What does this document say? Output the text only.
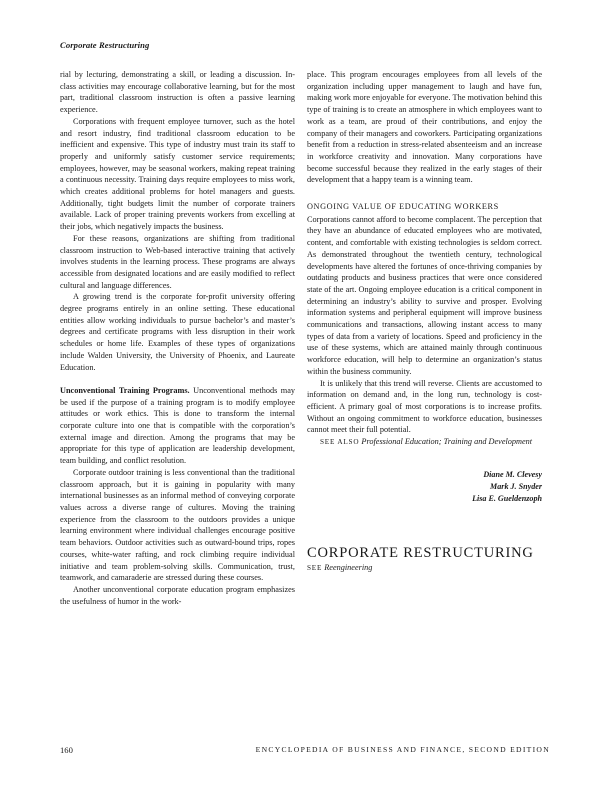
Corporate Restructuring

rial by lecturing, demonstrating a skill, or leading a discussion. In-class activities may encourage collaborative learning, but for the most part, traditional classroom instruction is often a passive learning experience.

Corporations with frequent employee turnover, such as the hotel and resort industry, find traditional classroom education to be inefficient and expensive. This type of industry must train its staff to properly and uniformly satisfy customer service requirements; employees, however, may be seasonal workers, making repeat training a continuous necessity. Training days require employees to miss work, which creates additional problems for hotel managers and guests. Additionally, tight budgets limit the number of corporate trainers available. Lack of proper training prevents workers from excelling at their jobs, which negatively impacts the business.

For these reasons, organizations are shifting from traditional classroom instruction to Web-based interactive training that actively involves students in the learning process. These programs are always accessible from designated locations and are easily modified to reflect cultural and language differences.

A growing trend is the corporate for-profit university offering degree programs entirely in an online setting. These educational entities allow working individuals to pursue bachelor’s and master’s degrees and certificate programs with less disruption in their work schedules or home life. Examples of these types of organizations include Walden University, the University of Phoenix, and Laureate Education.

Unconventional Training Programs. Unconventional methods may be used if the purpose of a training program is to modify employee attitudes or work ethics. This is done to transform the internal corporate culture into one that is compatible with the corporation’s external image and direction. Among the programs that may be appropriate for this type of application are leadership development, team building, and conflict resolution.

Corporate outdoor training is less conventional than the traditional classroom approach, but it is gaining in popularity with many international businesses as an informal method of conveying corporate values across a diverse range of cultures. Moving the training experience from the classroom to the outdoors provides a unique learning environment where individual challenges encourage positive team behaviors. Outdoor activities such as outward-bound trips, ropes courses, white-water rafting, and rock climbing require individual initiative and team problem-solving skills. Communication, trust, teamwork, and camaraderie are stressed during these courses.

Another unconventional corporate education program emphasizes the usefulness of humor in the work-

place. This program encourages employees from all levels of the organization including upper management to laugh and have fun, making work more enjoyable for everyone. The motivation behind this type of training is to create an atmosphere in which employees want to work as a team, are proud of their contributions, and enjoy the company of their managers and coworkers. Participating organizations benefit from a reduction in stress-related absenteeism and an increase in workforce creativity and innovation. Many corporations have become successful because they realized in the early stages of their development that a happy team is a winning team.

ONGOING VALUE OF EDUCATING WORKERS

Corporations cannot afford to become complacent. The perception that they have an abundance of educated employees who are motivated, content, and comfortable with existing technologies is seldom correct. As demonstrated throughout the twentieth century, technological developments have altered the fortunes of once-thriving companies by outdating products and business practices that were once considered state of the art. Ongoing employee education is a critical component in determining an industry’s ability to survive and prosper. Evolving information systems and peripheral equipment will improve business communications and transactions, allowing instant access to many types of data from a variety of locations. Speed and proficiency in the use of these systems, which are attained mainly through continuous workforce education, will help to determine an organization’s status within the business community.

It is unlikely that this trend will reverse. Clients are accustomed to information on demand and, in the long run, technology is cost-efficient. A primary goal of most corporations is to increase profits. Without an ongoing commitment to workforce education, businesses cannot meet their full potential.

SEE ALSO Professional Education; Training and Development

Diane M. Clevesy
Mark J. Snyder
Lisa E. Gueldenzoph
CORPORATE RESTRUCTURING
SEE Reengineering
160	ENCYCLOPEDIA OF BUSINESS AND FINANCE, SECOND EDITION
